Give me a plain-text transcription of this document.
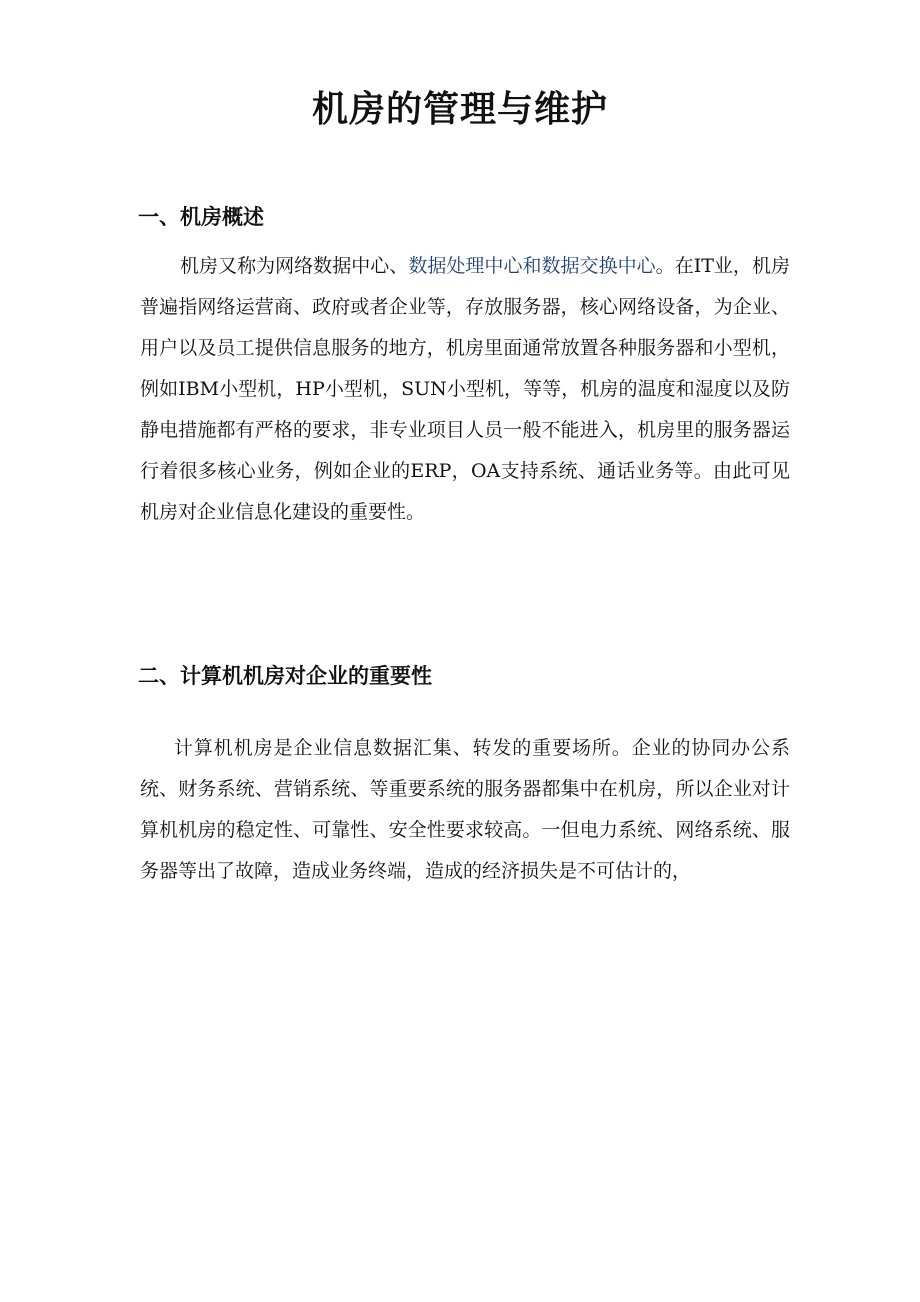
机房的管理与维护
一、机房概述

机房又称为网络数据中心、数据处理中心和数据交换中心。在IT业，机房普遍指网络运营商、政府或者企业等，存放服务器，核心网络设备，为企业、用户以及员工提供信息服务的地方，机房里面通常放置各种服务器和小型机，例如IBM小型机，HP小型机，SUN小型机，等等，机房的温度和湿度以及防静电措施都有严格的要求，非专业项目人员一般不能进入，机房里的服务器运行着很多核心业务，例如企业的ERP，OA支持系统、通话业务等。由此可见机房对企业信息化建设的重要性。

二、计算机机房对企业的重要性

计算机机房是企业信息数据汇集、转发的重要场所。企业的协同办公系统、财务系统、营销系统、等重要系统的服务器都集中在机房，所以企业对计算机机房的稳定性、可靠性、安全性要求较高。一但电力系统、网络系统、服务器等出了故障，造成业务终端，造成的经济损失是不可估计的，
